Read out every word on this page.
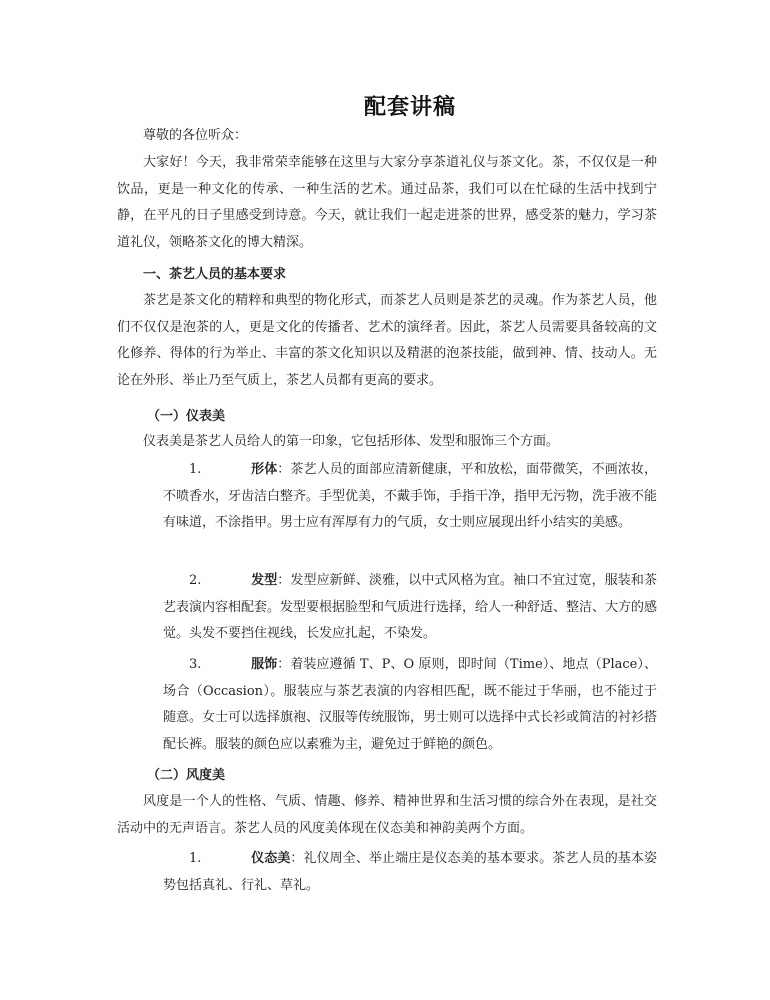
配套讲稿
尊敬的各位听众：

大家好！今天，我非常荣幸能够在这里与大家分享茶道礼仪与茶文化。茶，不仅仅是一种饮品，更是一种文化的传承、一种生活的艺术。通过品茶，我们可以在忙碌的生活中找到宁静，在平凡的日子里感受到诗意。今天，就让我们一起走进茶的世界，感受茶的魅力，学习茶道礼仪，领略茶文化的博大精深。

一、茶艺人员的基本要求

茶艺是茶文化的精粹和典型的物化形式，而茶艺人员则是茶艺的灵魂。作为茶艺人员，他们不仅仅是泡茶的人，更是文化的传播者、艺术的演绎者。因此，茶艺人员需要具备较高的文化修养、得体的行为举止、丰富的茶文化知识以及精湛的泡茶技能，做到神、情、技动人。无论在外形、举止乃至气质上，茶艺人员都有更高的要求。

（一）仪表美

仪表美是茶艺人员给人的第一印象，它包括形体、发型和服饰三个方面。

1.	形体：茶艺人员的面部应清新健康，平和放松，面带微笑，不画浓妆，不喷香水，牙齿洁白整齐。手型优美，不戴手饰，手指干净，指甲无污物，洗手液不能有味道，不涂指甲。男士应有浑厚有力的气质，女士则应展现出纤小结实的美感。

2.	发型：发型应新鲜、淡雅，以中式风格为宜。袖口不宜过宽，服装和茶艺表演内容相配套。发型要根据脸型和气质进行选择，给人一种舒适、整洁、大方的感觉。头发不要挡住视线，长发应扎起，不染发。

3.	服饰：着装应遵循 T、P、O 原则，即时间（Time）、地点（Place）、场合（Occasion）。服装应与茶艺表演的内容相匹配，既不能过于华丽，也不能过于随意。女士可以选择旗袍、汉服等传统服饰，男士则可以选择中式长衫或简洁的衬衫搭配长裤。服装的颜色应以素雅为主，避免过于鲜艳的颜色。

（二）风度美

风度是一个人的性格、气质、情趣、修养、精神世界和生活习惯的综合外在表现，是社交活动中的无声语言。茶艺人员的风度美体现在仪态美和神韵美两个方面。

1.	仪态美：礼仪周全、举止端庄是仪态美的基本要求。茶艺人员的基本姿势包括真礼、行礼、草礼。
